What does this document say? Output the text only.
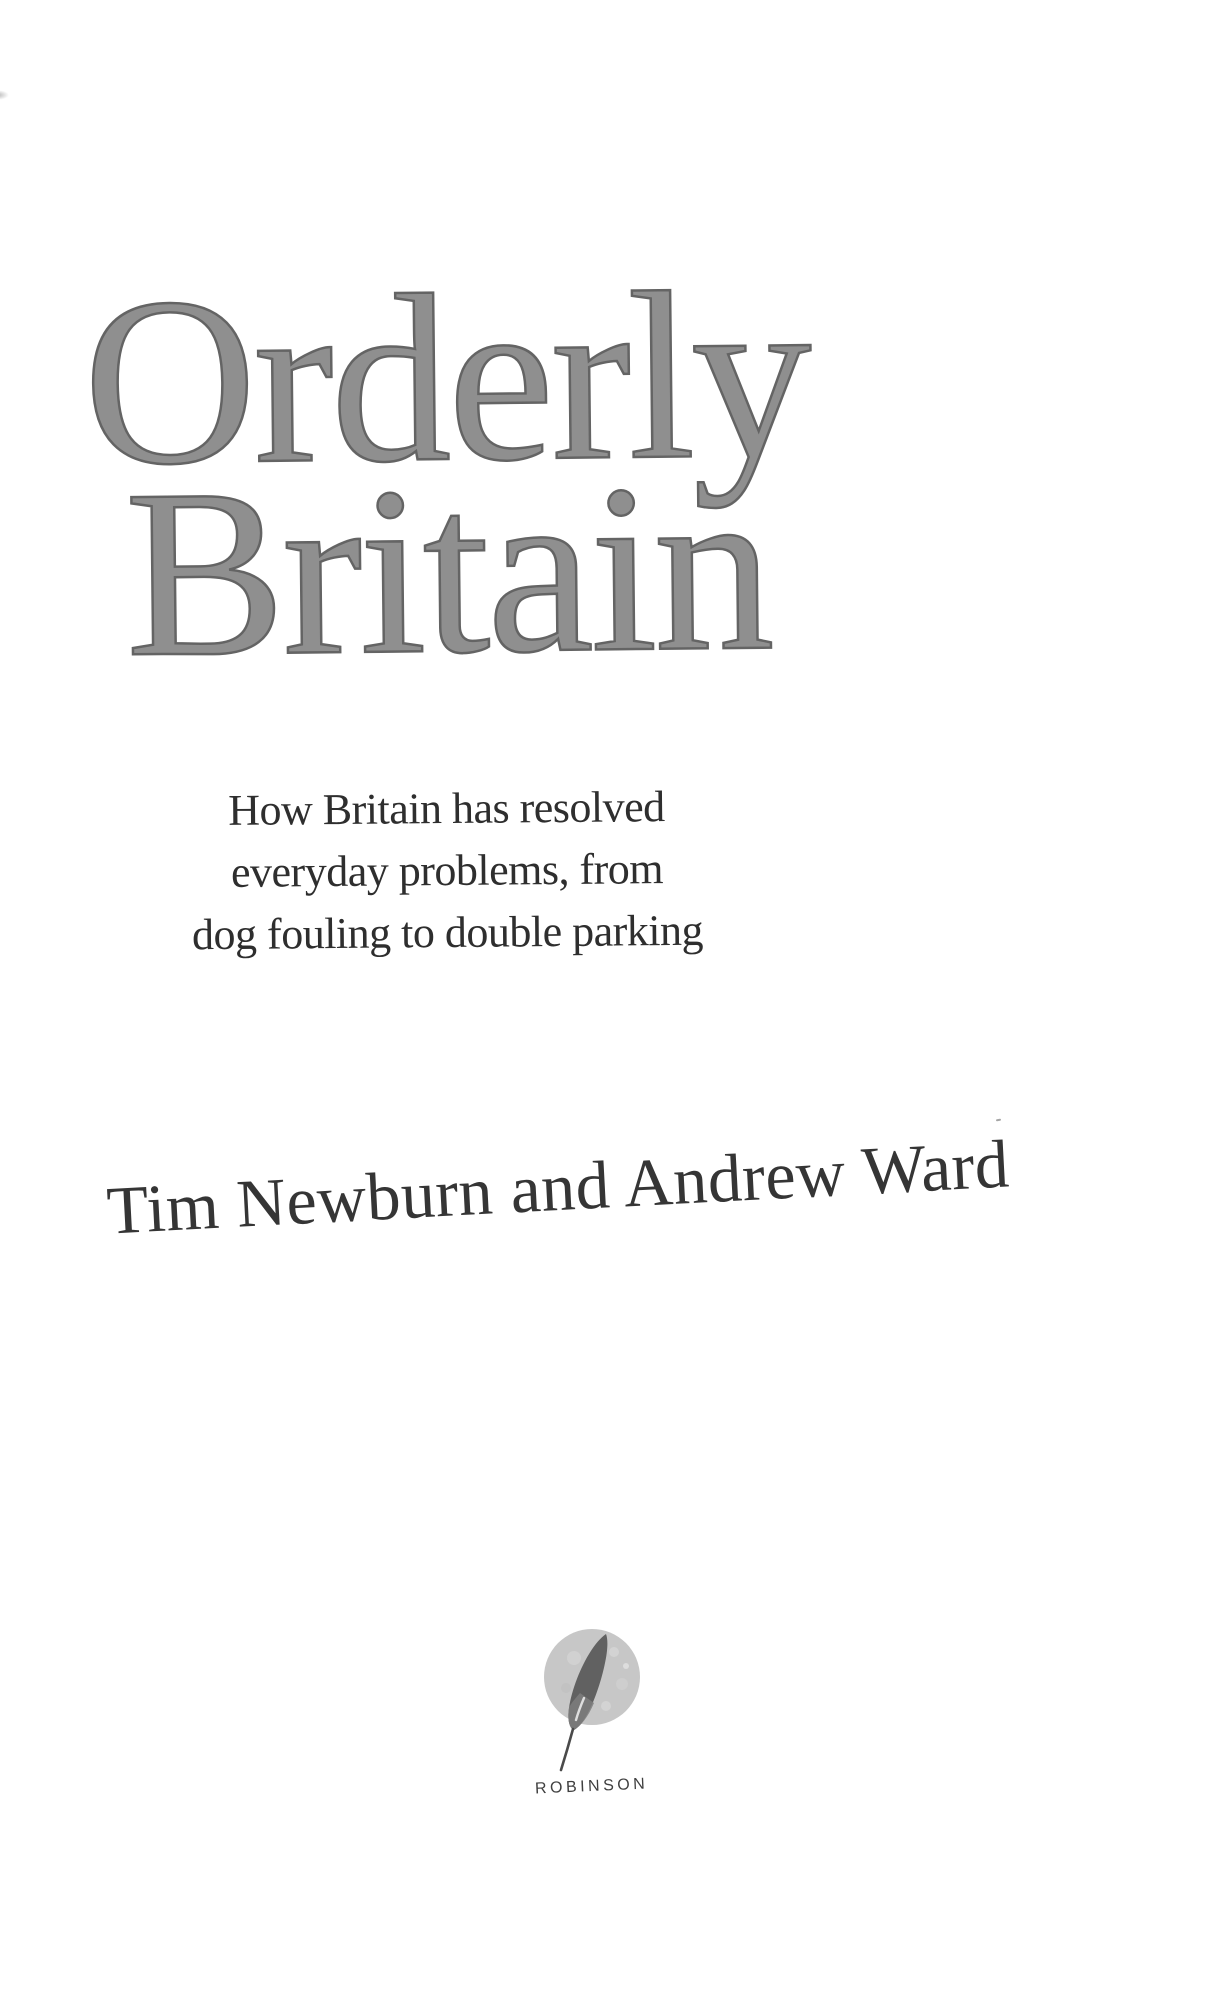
Orderly
Britain
How Britain has resolved
everyday problems, from
dog fouling to double parking
Tim Newburn and Andrew Ward
ROBINSON
